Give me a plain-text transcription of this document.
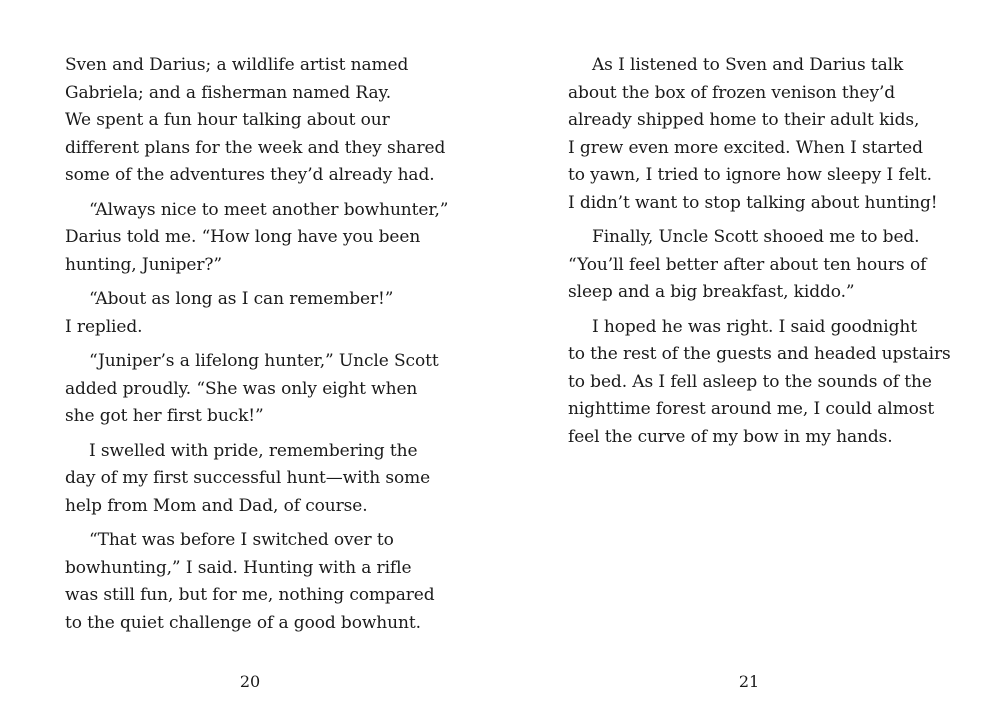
Sven and Darius; a wildlife artist named
Gabriela; and a fisherman named Ray.
We spent a fun hour talking about our
different plans for the week and they shared
some of the adventures they’d already had.
“Always nice to meet another bowhunter,”
Darius told me. “How long have you been
hunting, Juniper?”
“About as long as I can remember!”
I replied.
“Juniper’s a lifelong hunter,” Uncle Scott
added proudly. “She was only eight when
she got her first buck!”
I swelled with pride, remembering the
day of my first successful hunt—with some
help from Mom and Dad, of course.
“That was before I switched over to
bowhunting,” I said. Hunting with a rifle
was still fun, but for me, nothing compared
to the quiet challenge of a good bowhunt.
20
As I listened to Sven and Darius talk
about the box of frozen venison they’d
already shipped home to their adult kids,
I grew even more excited. When I started
to yawn, I tried to ignore how sleepy I felt.
I didn’t want to stop talking about hunting!
Finally, Uncle Scott shooed me to bed.
“You’ll feel better after about ten hours of
sleep and a big breakfast, kiddo.”
I hoped he was right. I said goodnight
to the rest of the guests and headed upstairs
to bed. As I fell asleep to the sounds of the
nighttime forest around me, I could almost
feel the curve of my bow in my hands.
21
